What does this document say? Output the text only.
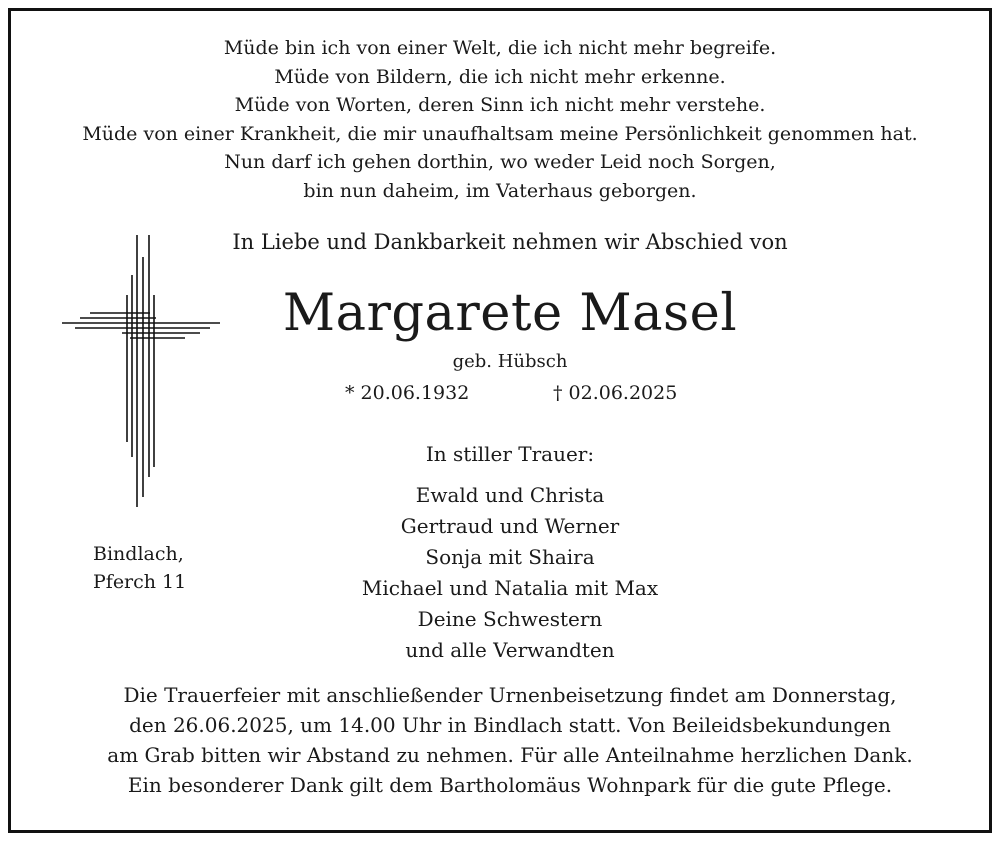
Müde bin ich von einer Welt, die ich nicht mehr begreife.
Müde von Bildern, die ich nicht mehr erkenne.
Müde von Worten, deren Sinn ich nicht mehr verstehe.
Müde von einer Krankheit, die mir unaufhaltsam meine Persönlichkeit genommen hat.
Nun darf ich gehen dorthin, wo weder Leid noch Sorgen,
bin nun daheim, im Vaterhaus geborgen.
In Liebe und Dankbarkeit nehmen wir Abschied von
Margarete Masel
geb. Hübsch
* 20.06.1932	† 02.06.2025
Bindlach,
Pferch 11
In stiller Trauer:
Ewald und Christa
Gertraud und Werner
Sonja mit Shaira
Michael und Natalia mit Max
Deine Schwestern
und alle Verwandten
Die Trauerfeier mit anschließender Urnenbeisetzung findet am Donnerstag,
den 26.06.2025, um 14.00 Uhr in Bindlach statt. Von Beileidsbekundungen
am Grab bitten wir Abstand zu nehmen. Für alle Anteilnahme herzlichen Dank.
Ein besonderer Dank gilt dem Bartholomäus Wohnpark für die gute Pflege.
